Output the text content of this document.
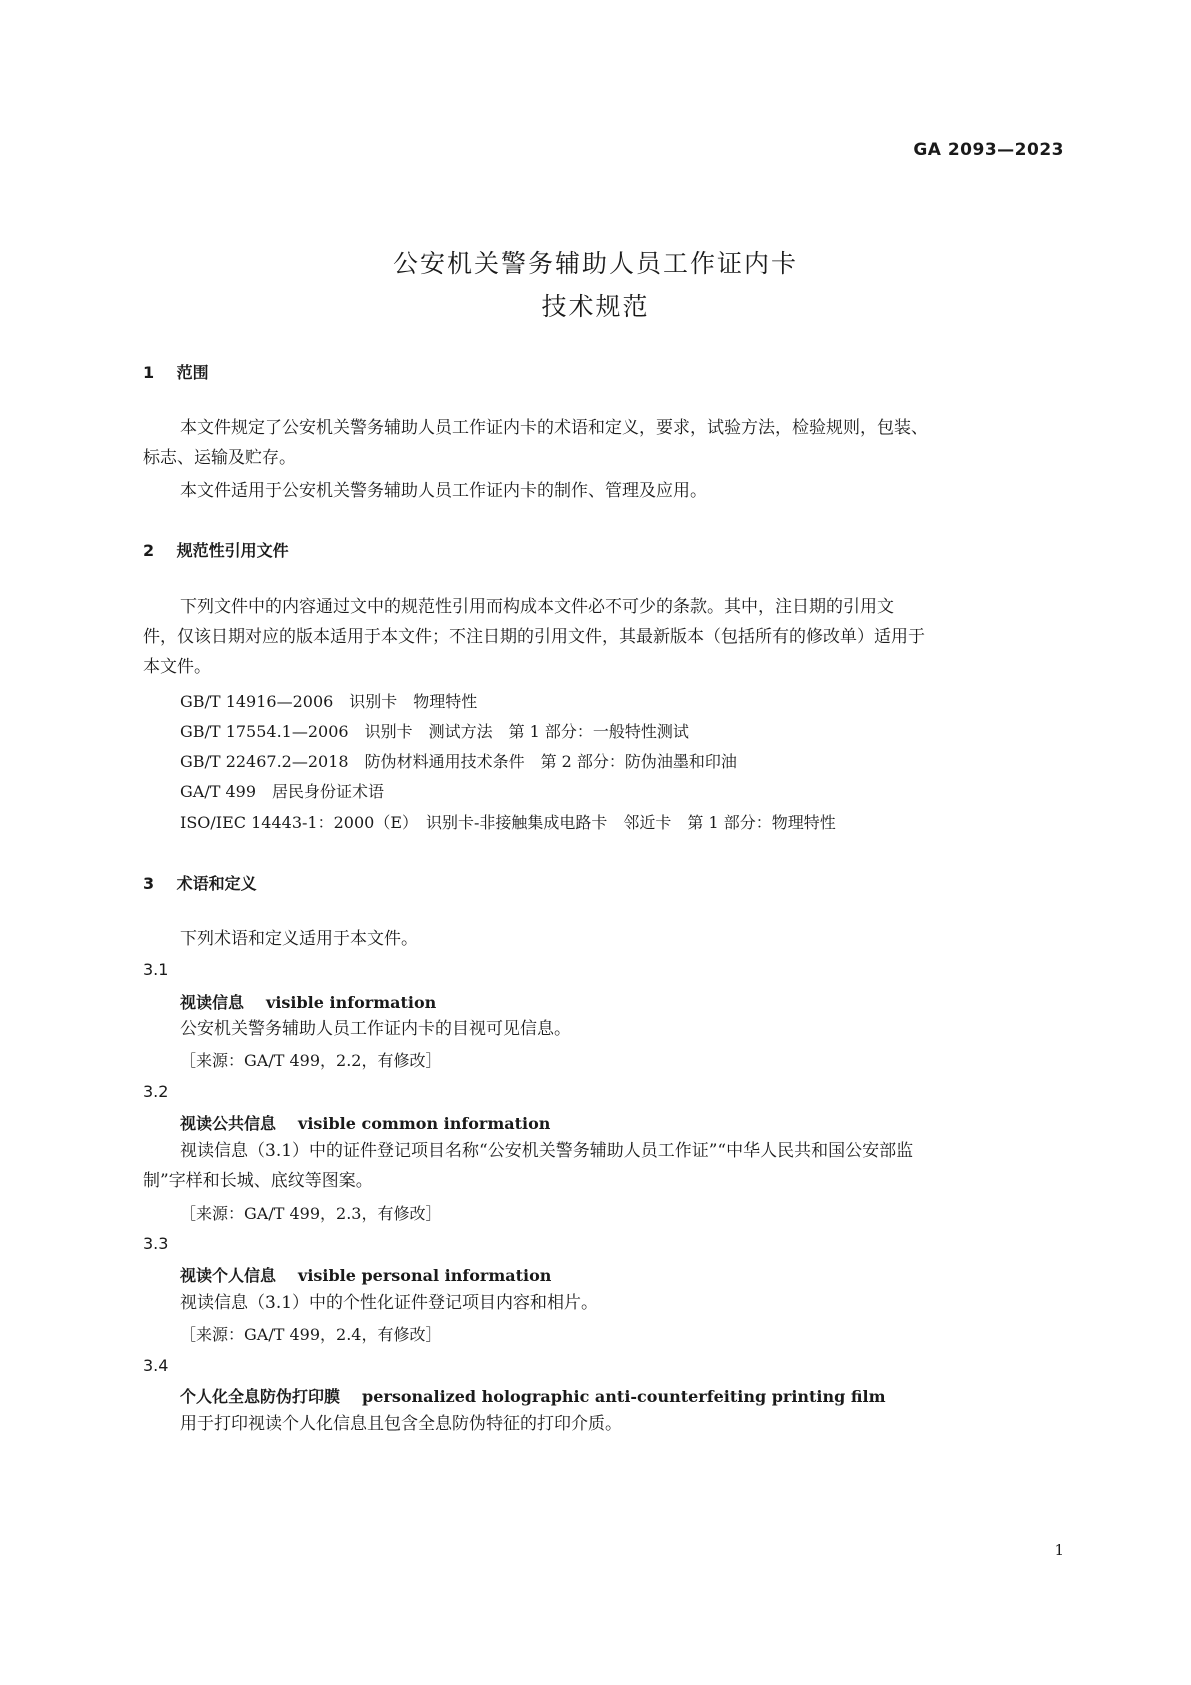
GA 2093—2023
公安机关警务辅助人员工作证内卡
技术规范
1 范围
本文件规定了公安机关警务辅助人员工作证内卡的术语和定义，要求，试验方法，检验规则，包装、
标志、运输及贮存。
本文件适用于公安机关警务辅助人员工作证内卡的制作、管理及应用。
2 规范性引用文件
下列文件中的内容通过文中的规范性引用而构成本文件必不可少的条款。其中，注日期的引用文
件，仅该日期对应的版本适用于本文件；不注日期的引用文件，其最新版本（包括所有的修改单）适用于
本文件。
GB/T 14916—2006　识别卡　物理特性
GB/T 17554.1—2006　识别卡　测试方法　第 1 部分：一般特性测试
GB/T 22467.2—2018　防伪材料通用技术条件　第 2 部分：防伪油墨和印油
GA/T 499　居民身份证术语
ISO/IEC 14443-1：2000（E）　识别卡-非接触集成电路卡　邻近卡　第 1 部分：物理特性
3 术语和定义
下列术语和定义适用于本文件。
3.1
视读信息 visible information
公安机关警务辅助人员工作证内卡的目视可见信息。
［来源：GA/T 499，2.2，有修改］
3.2
视读公共信息 visible common information
视读信息（3.1）中的证件登记项目名称“公安机关警务辅助人员工作证”“中华人民共和国公安部监
制”字样和长城、底纹等图案。
［来源：GA/T 499，2.3，有修改］
3.3
视读个人信息 visible personal information
视读信息（3.1）中的个性化证件登记项目内容和相片。
［来源：GA/T 499，2.4，有修改］
3.4
个人化全息防伪打印膜 personalized holographic anti-counterfeiting printing film
用于打印视读个人化信息且包含全息防伪特征的打印介质。
1
